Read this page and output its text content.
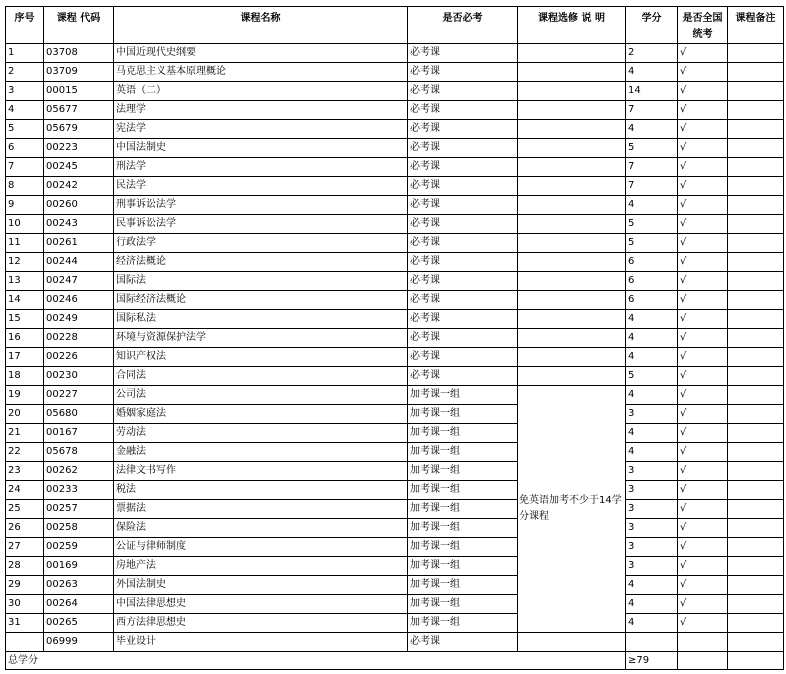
序号	课程 代码	课程名称	是否必考	课程选修 说 明	学分	是否全国统考	课程备注
1	03708	中国近现代史纲要	必考课		2	√	
2	03709	马克思主义基本原理概论	必考课		4	√	
3	00015	英语（二）	必考课		14	√	
4	05677	法理学	必考课		7	√	
5	05679	宪法学	必考课		4	√	
6	00223	中国法制史	必考课		5	√	
7	00245	刑法学	必考课		7	√	
8	00242	民法学	必考课		7	√	
9	00260	刑事诉讼法学	必考课		4	√	
10	00243	民事诉讼法学	必考课		5	√	
11	00261	行政法学	必考课		5	√	
12	00244	经济法概论	必考课		6	√	
13	00247	国际法	必考课		6	√	
14	00246	国际经济法概论	必考课		6	√	
15	00249	国际私法	必考课		4	√	
16	00228	环境与资源保护法学	必考课		4	√	
17	00226	知识产权法	必考课		4	√	
18	00230	合同法	必考课		5	√	
19	00227	公司法	加考课一组	免英语加考不少于14学分课程	4	√	
20	05680	婚姻家庭法	加考课一组		3	√	
21	00167	劳动法	加考课一组		4	√	
22	05678	金融法	加考课一组		4	√	
23	00262	法律文书写作	加考课一组		3	√	
24	00233	税法	加考课一组		3	√	
25	00257	票据法	加考课一组		3	√	
26	00258	保险法	加考课一组		3	√	
27	00259	公证与律师制度	加考课一组		3	√	
28	00169	房地产法	加考课一组		3	√	
29	00263	外国法制史	加考课一组		4	√	
30	00264	中国法律思想史	加考课一组		4	√	
31	00265	西方法律思想史	加考课一组		4	√	
	06999	毕业设计	必考课				
总学分					≥79		
